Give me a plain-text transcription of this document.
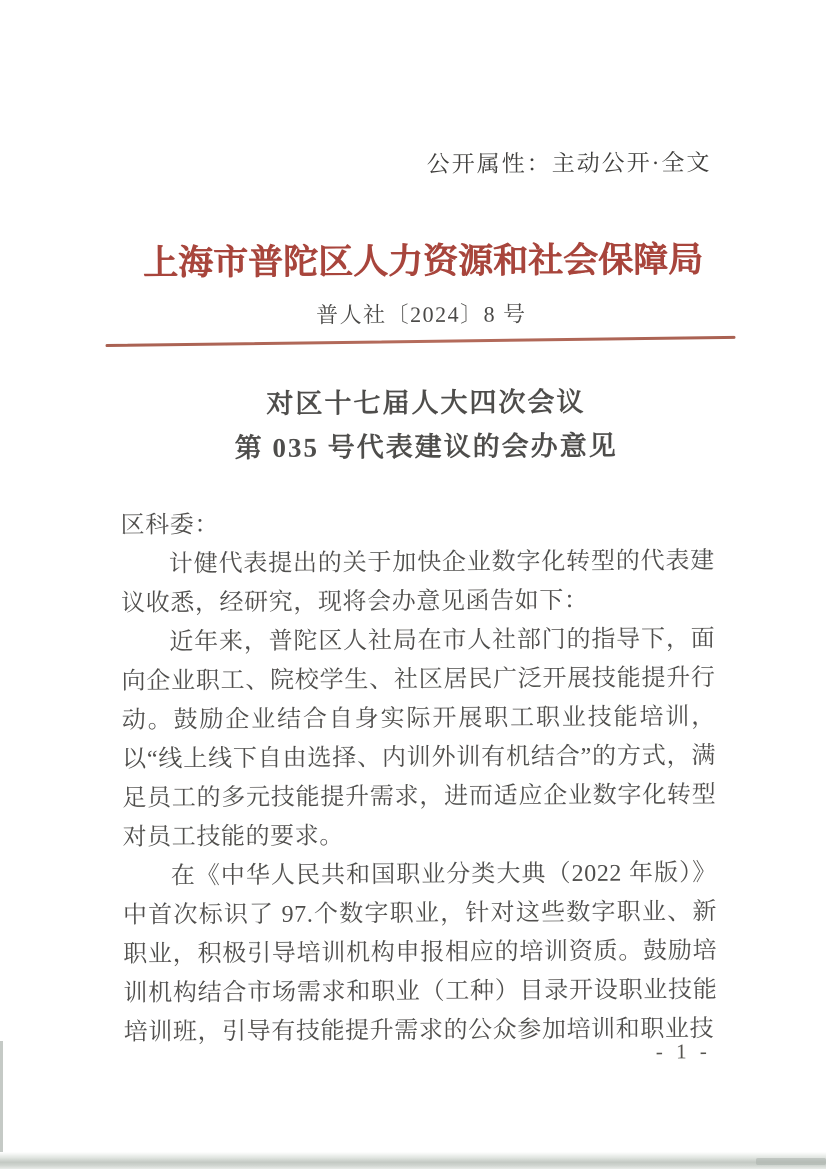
公开属性：主动公开·全文
上海市普陀区人力资源和社会保障局
普人社〔2024〕8 号
对区十七届人大四次会议
第 035 号代表建议的会办意见

区科委：

计健代表提出的关于加快企业数字化转型的代表建议收悉，经研究，现将会办意见函告如下：

近年来，普陀区人社局在市人社部门的指导下，面向企业职工、院校学生、社区居民广泛开展技能提升行动。鼓励企业结合自身实际开展职工职业技能培训，以“线上线下自由选择、内训外训有机结合”的方式，满足员工的多元技能提升需求，进而适应企业数字化转型对员工技能的要求。

在《中华人民共和国职业分类大典（2022 年版）》中首次标识了 97.个数字职业，针对这些数字职业、新职业，积极引导培训机构申报相应的培训资质。鼓励培训机构结合市场需求和职业（工种）目录开设职业技能培训班，引导有技能提升需求的公众参加培训和职业技

- 1 -
